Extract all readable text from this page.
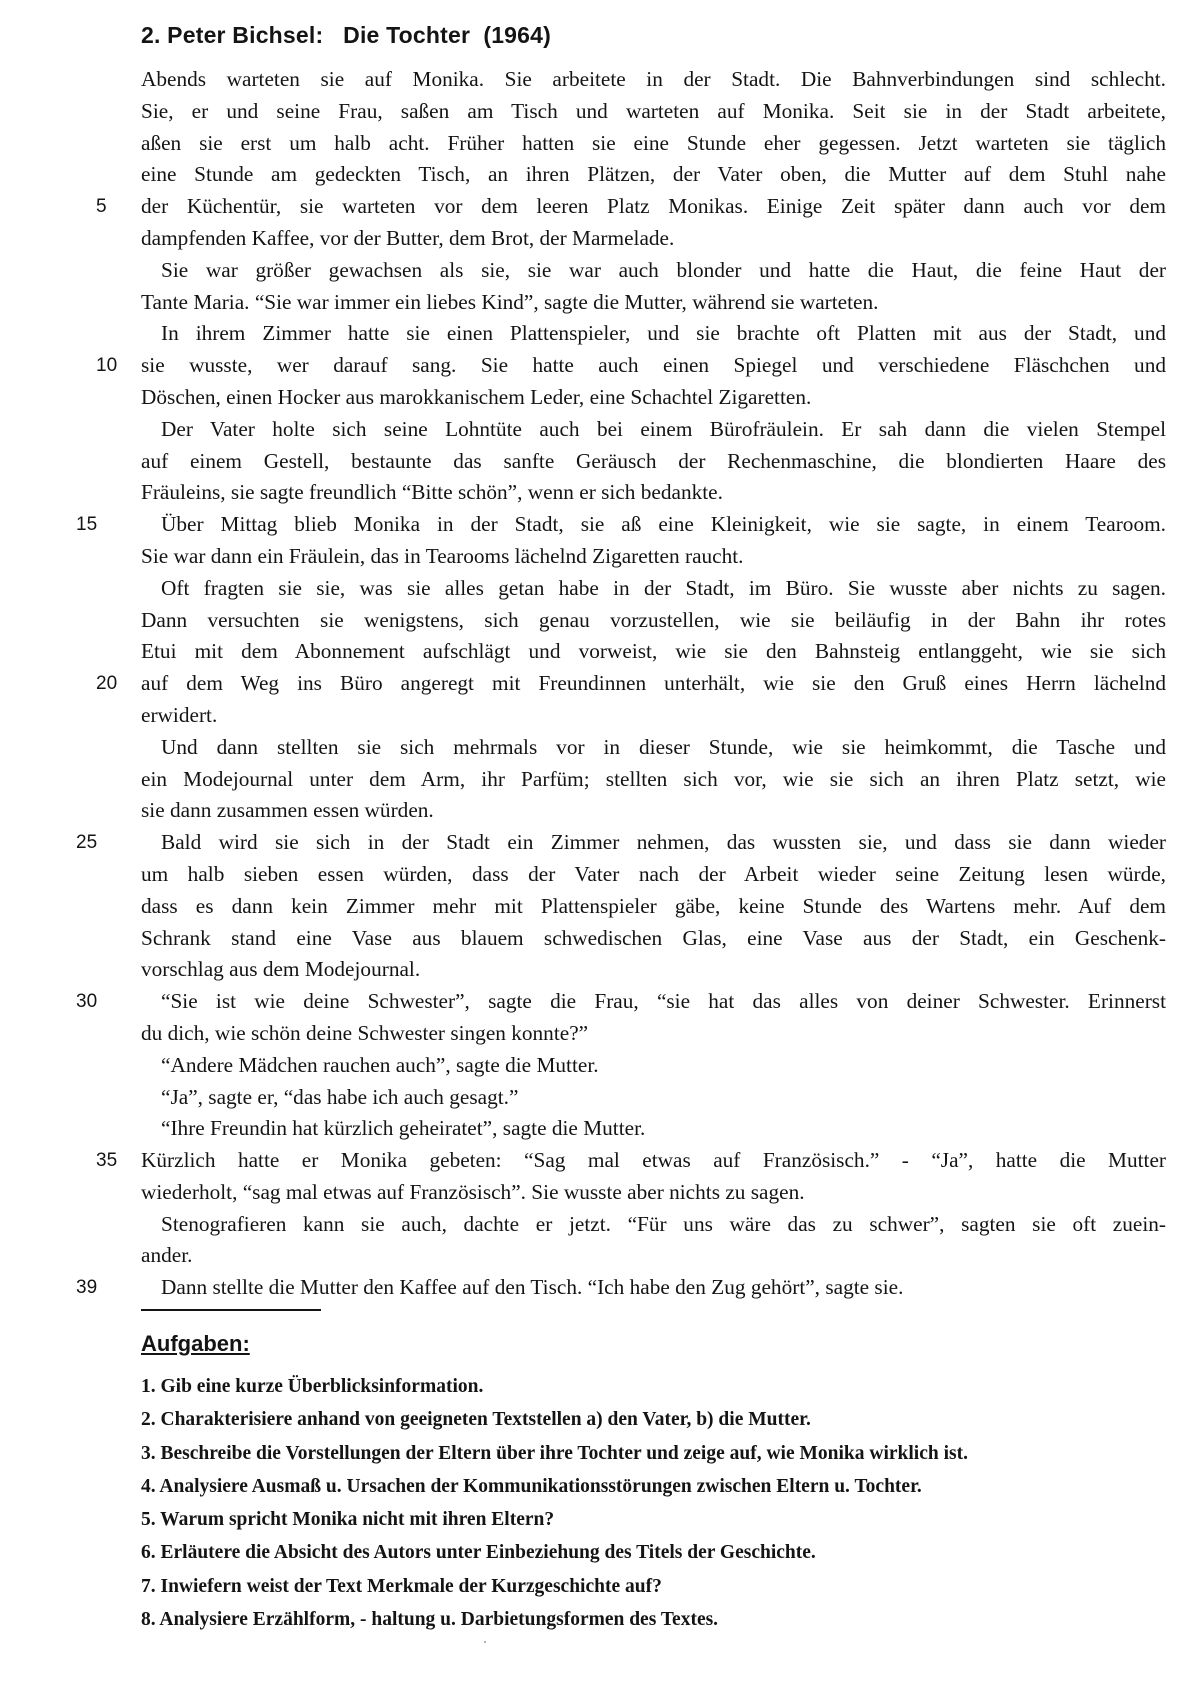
2. Peter Bichsel:   Die Tochter  (1964)
Abends warteten sie auf Monika. Sie arbeitete in der Stadt. Die Bahnverbindungen sind schlecht.
Sie, er und seine Frau, saßen am Tisch und warteten auf Monika. Seit sie in der Stadt arbeitete,
aßen sie erst um halb acht. Früher hatten sie eine Stunde eher gegessen. Jetzt warteten sie täglich
eine Stunde am gedeckten Tisch, an ihren Plätzen, der Vater oben, die Mutter auf dem Stuhl nahe
5	der Küchentür, sie warteten vor dem leeren Platz Monikas. Einige Zeit später dann auch vor dem
dampfenden Kaffee, vor der Butter, dem Brot, der Marmelade.
Sie war größer gewachsen als sie, sie war auch blonder und hatte die Haut, die feine Haut der
Tante Maria. “Sie war immer ein liebes Kind”, sagte die Mutter, während sie warteten.
In ihrem Zimmer hatte sie einen Plattenspieler, und sie brachte oft Platten mit aus der Stadt, und
10	sie wusste, wer darauf sang. Sie hatte auch einen Spiegel und verschiedene Fläschchen und
Döschen, einen Hocker aus marokkanischem Leder, eine Schachtel Zigaretten.
Der Vater holte sich seine Lohntüte auch bei einem Bürofräulein. Er sah dann die vielen Stempel
auf einem Gestell, bestaunte das sanfte Geräusch der Rechenmaschine, die blondierten Haare des
Fräuleins, sie sagte freundlich “Bitte schön”, wenn er sich bedankte.
15	Über Mittag blieb Monika in der Stadt, sie aß eine Kleinigkeit, wie sie sagte, in einem Tearoom.
Sie war dann ein Fräulein, das in Tearooms lächelnd Zigaretten raucht.
Oft fragten sie sie, was sie alles getan habe in der Stadt, im Büro. Sie wusste aber nichts zu sagen.
Dann versuchten sie wenigstens, sich genau vorzustellen, wie sie beiläufig in der Bahn ihr rotes
Etui mit dem Abonnement aufschlägt und vorweist, wie sie den Bahnsteig entlanggeht, wie sie sich
20	auf dem Weg ins Büro angeregt mit Freundinnen unterhält, wie sie den Gruß eines Herrn lächelnd
erwidert.
Und dann stellten sie sich mehrmals vor in dieser Stunde, wie sie heimkommt, die Tasche und
ein Modejournal unter dem Arm, ihr Parfüm; stellten sich vor, wie sie sich an ihren Platz setzt, wie
sie dann zusammen essen würden.
25	Bald wird sie sich in der Stadt ein Zimmer nehmen, das wussten sie, und dass sie dann wieder
um halb sieben essen würden, dass der Vater nach der Arbeit wieder seine Zeitung lesen würde,
dass es dann kein Zimmer mehr mit Plattenspieler gäbe, keine Stunde des Wartens mehr. Auf dem
Schrank stand eine Vase aus blauem schwedischen Glas, eine Vase aus der Stadt, ein Geschenk-
vorschlag aus dem Modejournal.
30	“Sie ist wie deine Schwester”, sagte die Frau, “sie hat das alles von deiner Schwester. Erinnerst
du dich, wie schön deine Schwester singen konnte?”
“Andere Mädchen rauchen auch”, sagte die Mutter.
“Ja”, sagte er, “das habe ich auch gesagt.”
“Ihre Freundin hat kürzlich geheiratet”, sagte die Mutter.
35	Kürzlich hatte er Monika gebeten: “Sag mal etwas auf Französisch.” - “Ja”, hatte die Mutter
wiederholt, “sag mal etwas auf Französisch”. Sie wusste aber nichts zu sagen.
Stenografieren kann sie auch, dachte er jetzt. “Für uns wäre das zu schwer”, sagten sie oft zuein-
ander.
39	Dann stellte die Mutter den Kaffee auf den Tisch. “Ich habe den Zug gehört”, sagte sie.
Aufgaben:
1. Gib eine kurze Überblicksinformation.
2. Charakterisiere anhand von geeigneten Textstellen a) den Vater, b) die Mutter.
3. Beschreibe die Vorstellungen der Eltern über ihre Tochter und zeige auf, wie Monika wirklich ist.
4. Analysiere Ausmaß u. Ursachen der Kommunikationsstörungen zwischen Eltern u. Tochter.
5. Warum spricht Monika nicht mit ihren Eltern?
6. Erläutere die Absicht des Autors unter Einbeziehung des Titels der Geschichte.
7. Inwiefern weist der Text Merkmale der Kurzgeschichte auf?
8. Analysiere Erzählform, - haltung u. Darbietungsformen des Textes.
